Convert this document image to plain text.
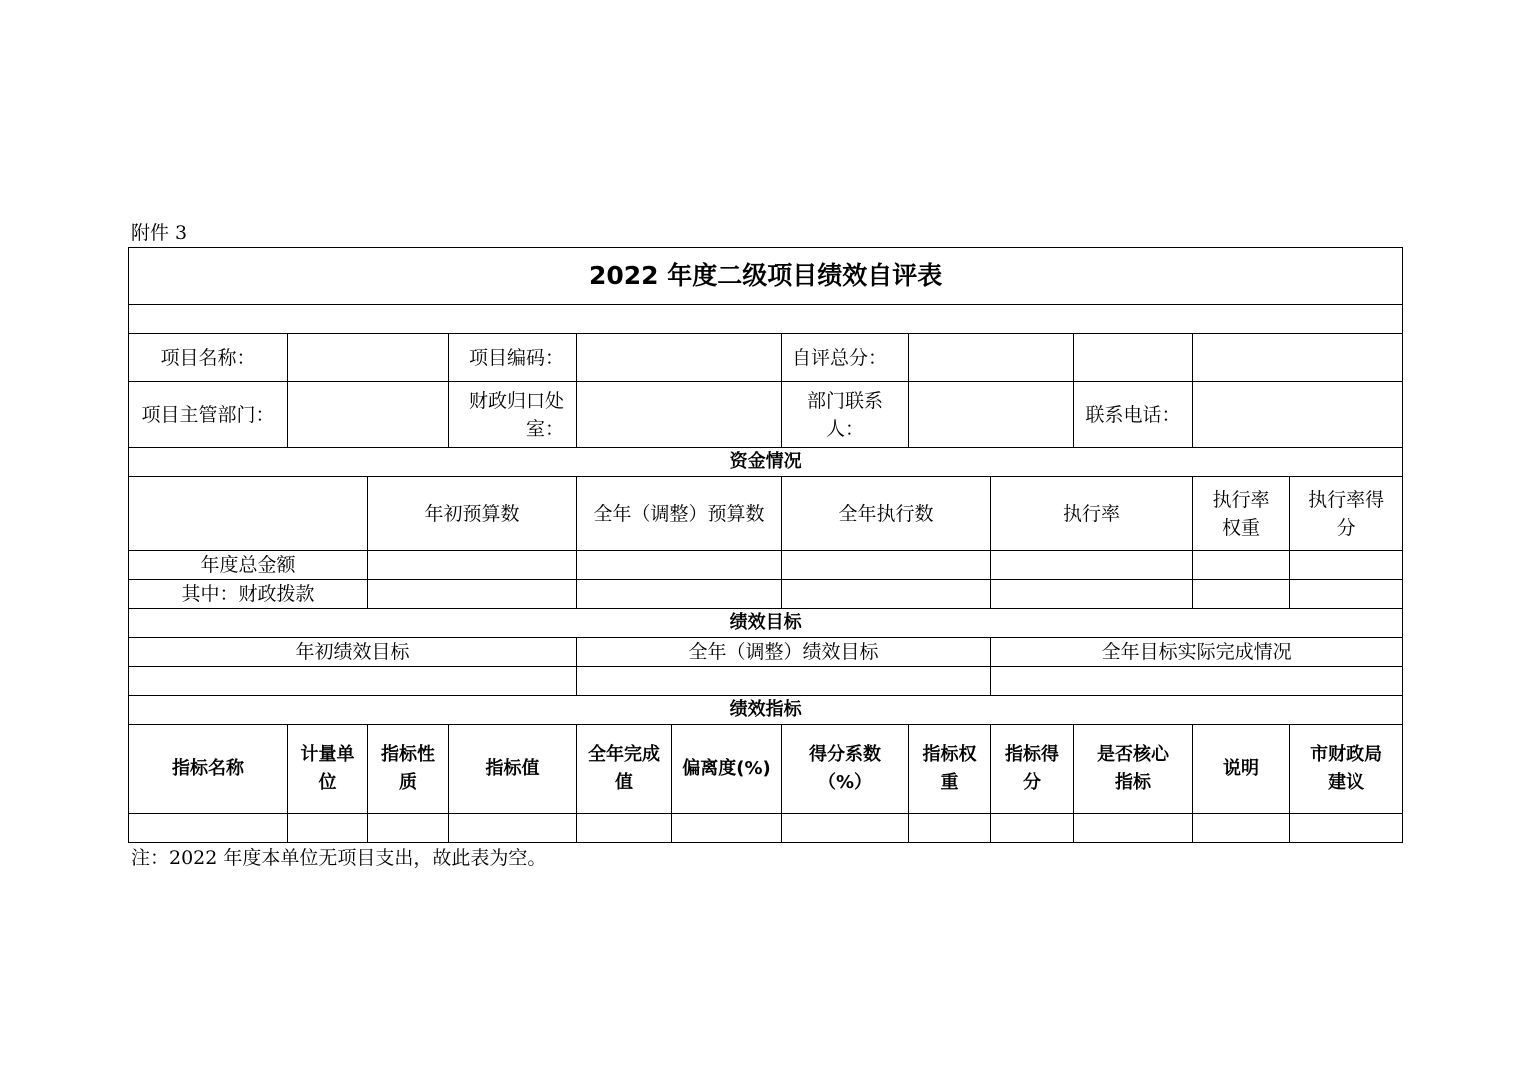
附件 3
2022 年度二级项目绩效自评表											

项目名称：			项目编码：			自评总分：					
项目主管部门：			财政归口处室：			部门联系人：			联系电话：		
资金情况											
		年初预算数		全年（调整）预算数		全年执行数		执行率		执行率权重	执行率得分
年度总金额											
其中：财政拨款											
绩效目标											
年初绩效目标				全年（调整）绩效目标				全年目标实际完成情况			

绩效指标											
指标名称	计量单位	指标性质	指标值	全年完成值	偏离度(%)	得分系数（%）	指标权重	指标得分	是否核心指标	说明	市财政局建议

注：2022 年度本单位无项目支出，故此表为空。
